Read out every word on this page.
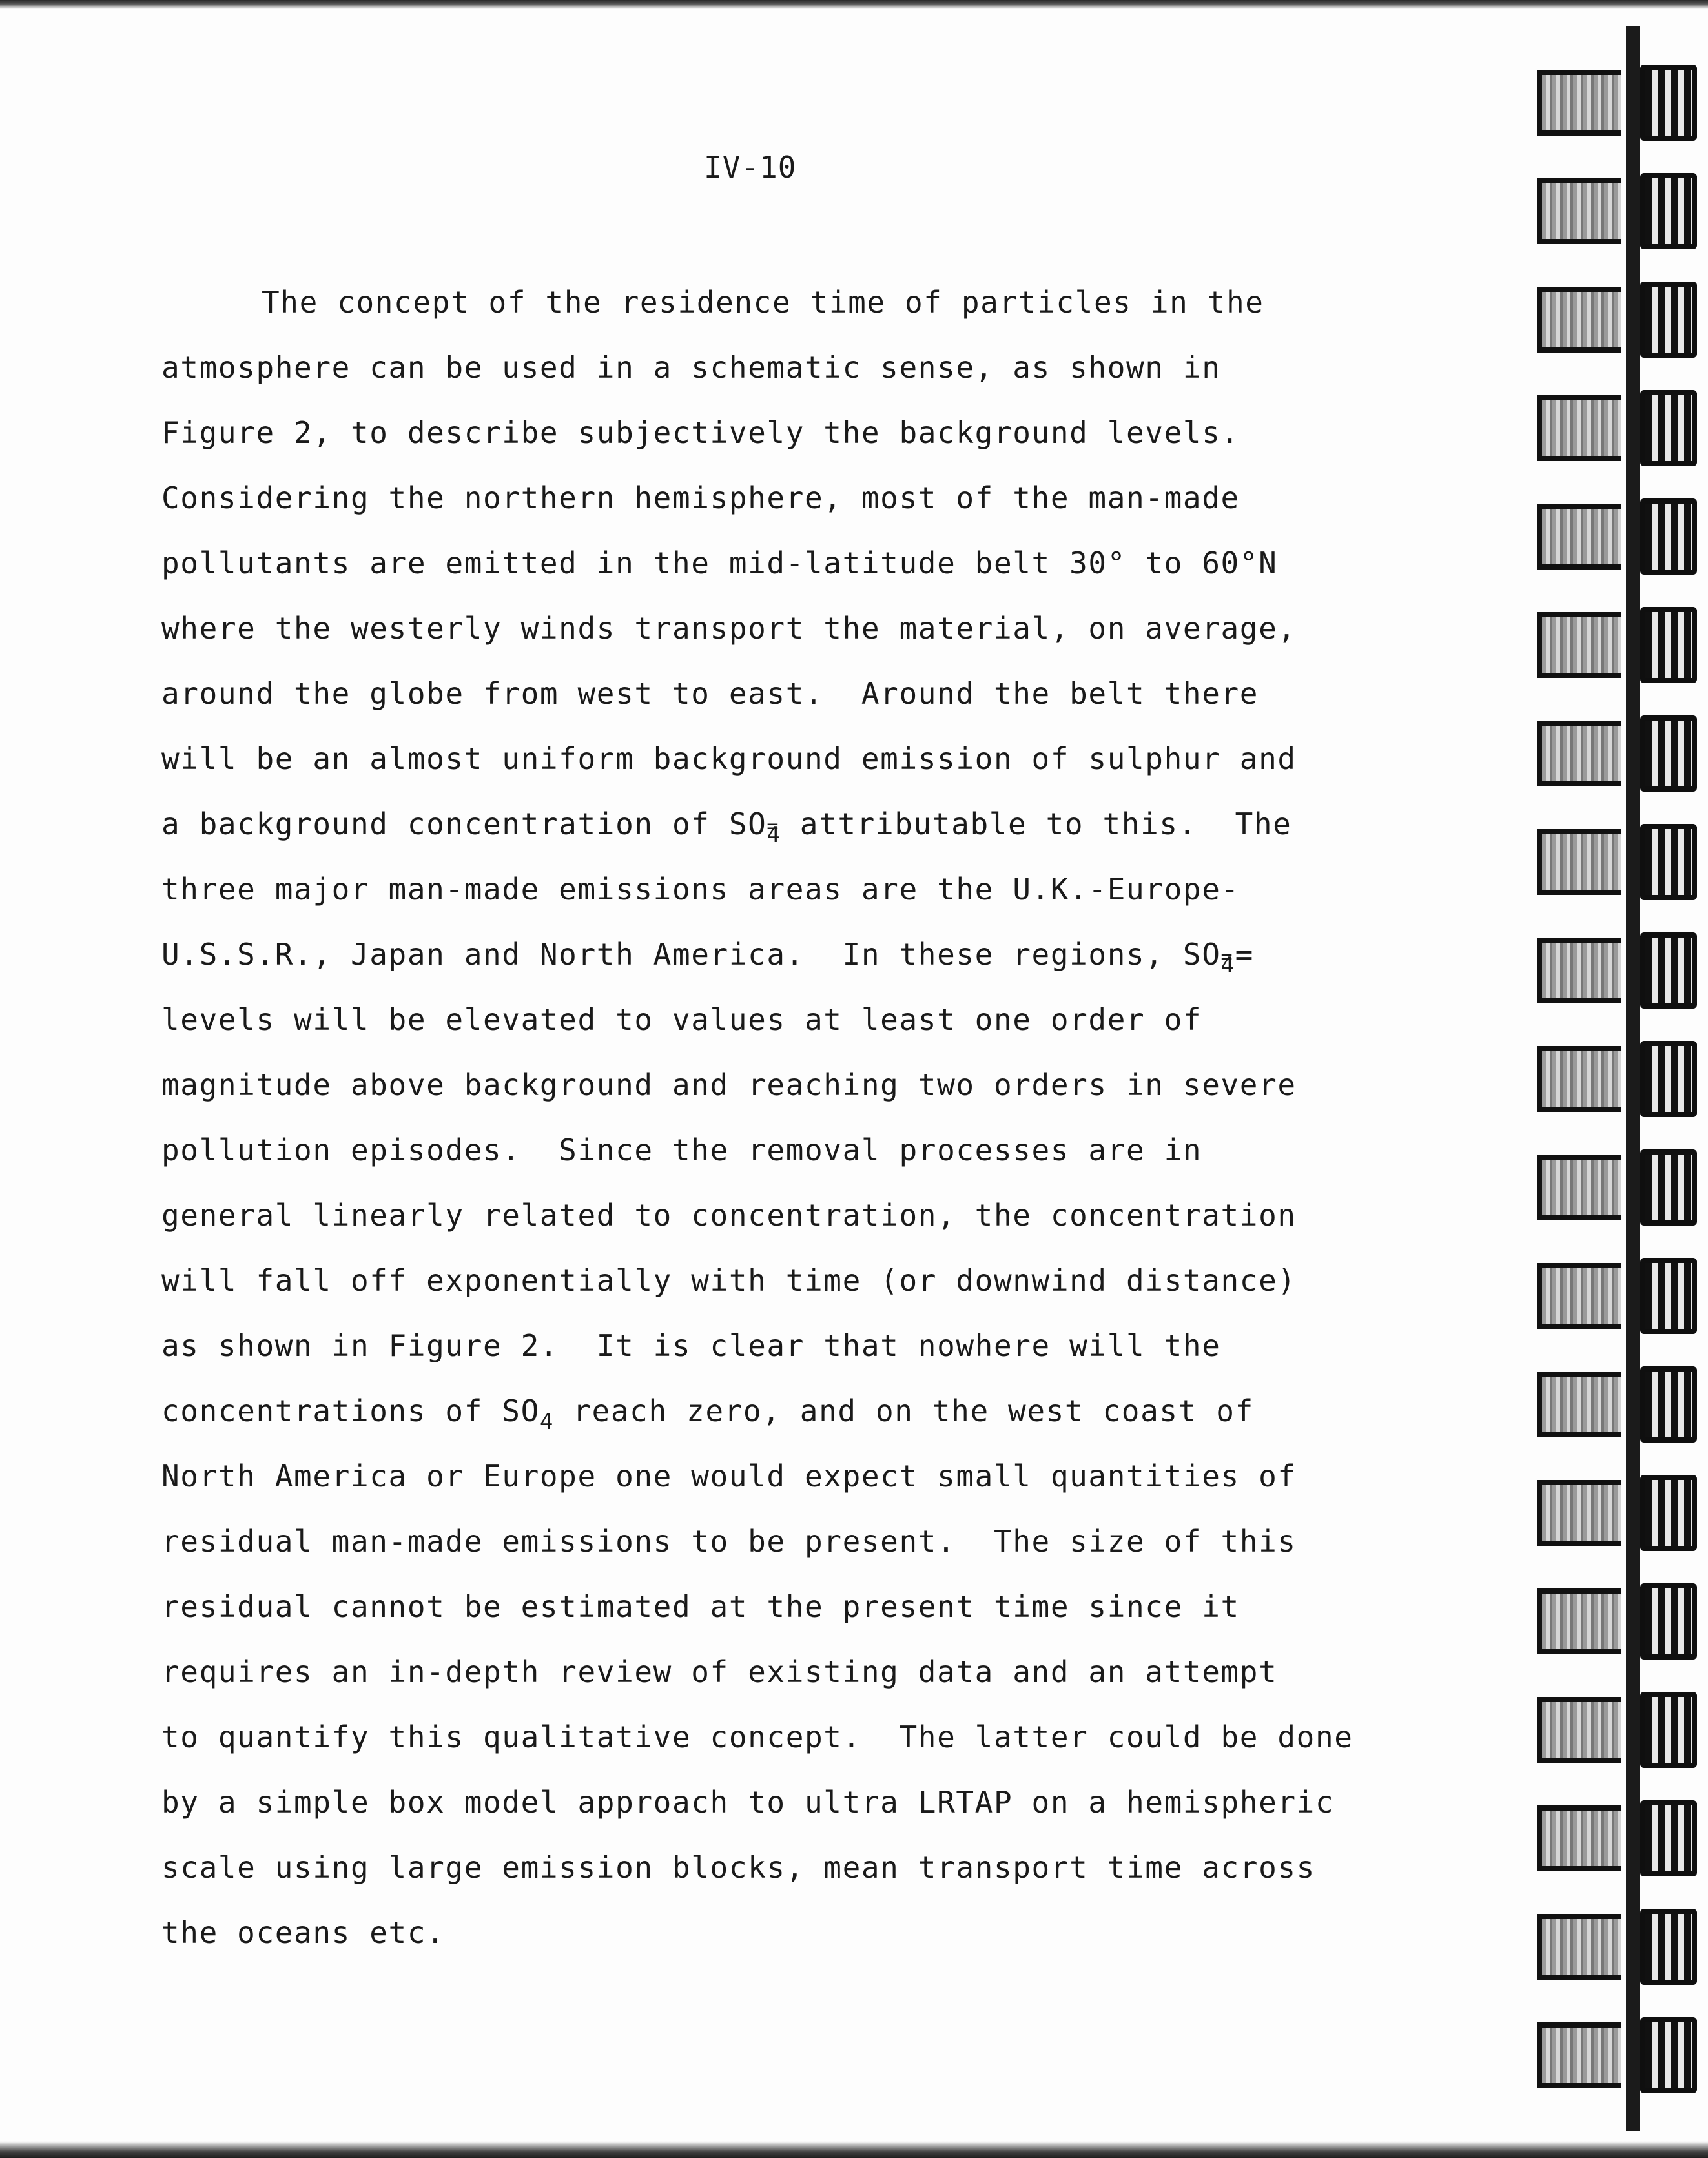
IV-10
The concept of the residence time of particles in the
atmosphere can be used in a schematic sense, as shown in
Figure 2, to describe subjectively the background levels.
Considering the northern hemisphere, most of the man-made
pollutants are emitted in the mid-latitude belt 30° to 60°N
where the westerly winds transport the material, on average,
around the globe from west to east.  Around the belt there
will be an almost uniform background emission of sulphur and
a background concentration of SO= $_4$ attributable to this.  The
three major man-made emissions areas are the U.K.-Europe-
U.S.S.R., Japan and North America.  In these regions, SO= $_4$=
levels will be elevated to values at least one order of
magnitude above background and reaching two orders in severe
pollution episodes.  Since the removal processes are in
general linearly related to concentration, the concentration
will fall off exponentially with time (or downwind distance)
as shown in Figure 2.  It is clear that nowhere will the
concentrations of $SO_4$ reach zero, and on the west coast of
North America or Europe one would expect small quantities of
residual man-made emissions to be present.  The size of this
residual cannot be estimated at the present time since it
requires an in-depth review of existing data and an attempt
to quantify this qualitative concept.  The latter could be done
by a simple box model approach to ultra LRTAP on a hemispheric
scale using large emission blocks, mean transport time across
the oceans etc.
